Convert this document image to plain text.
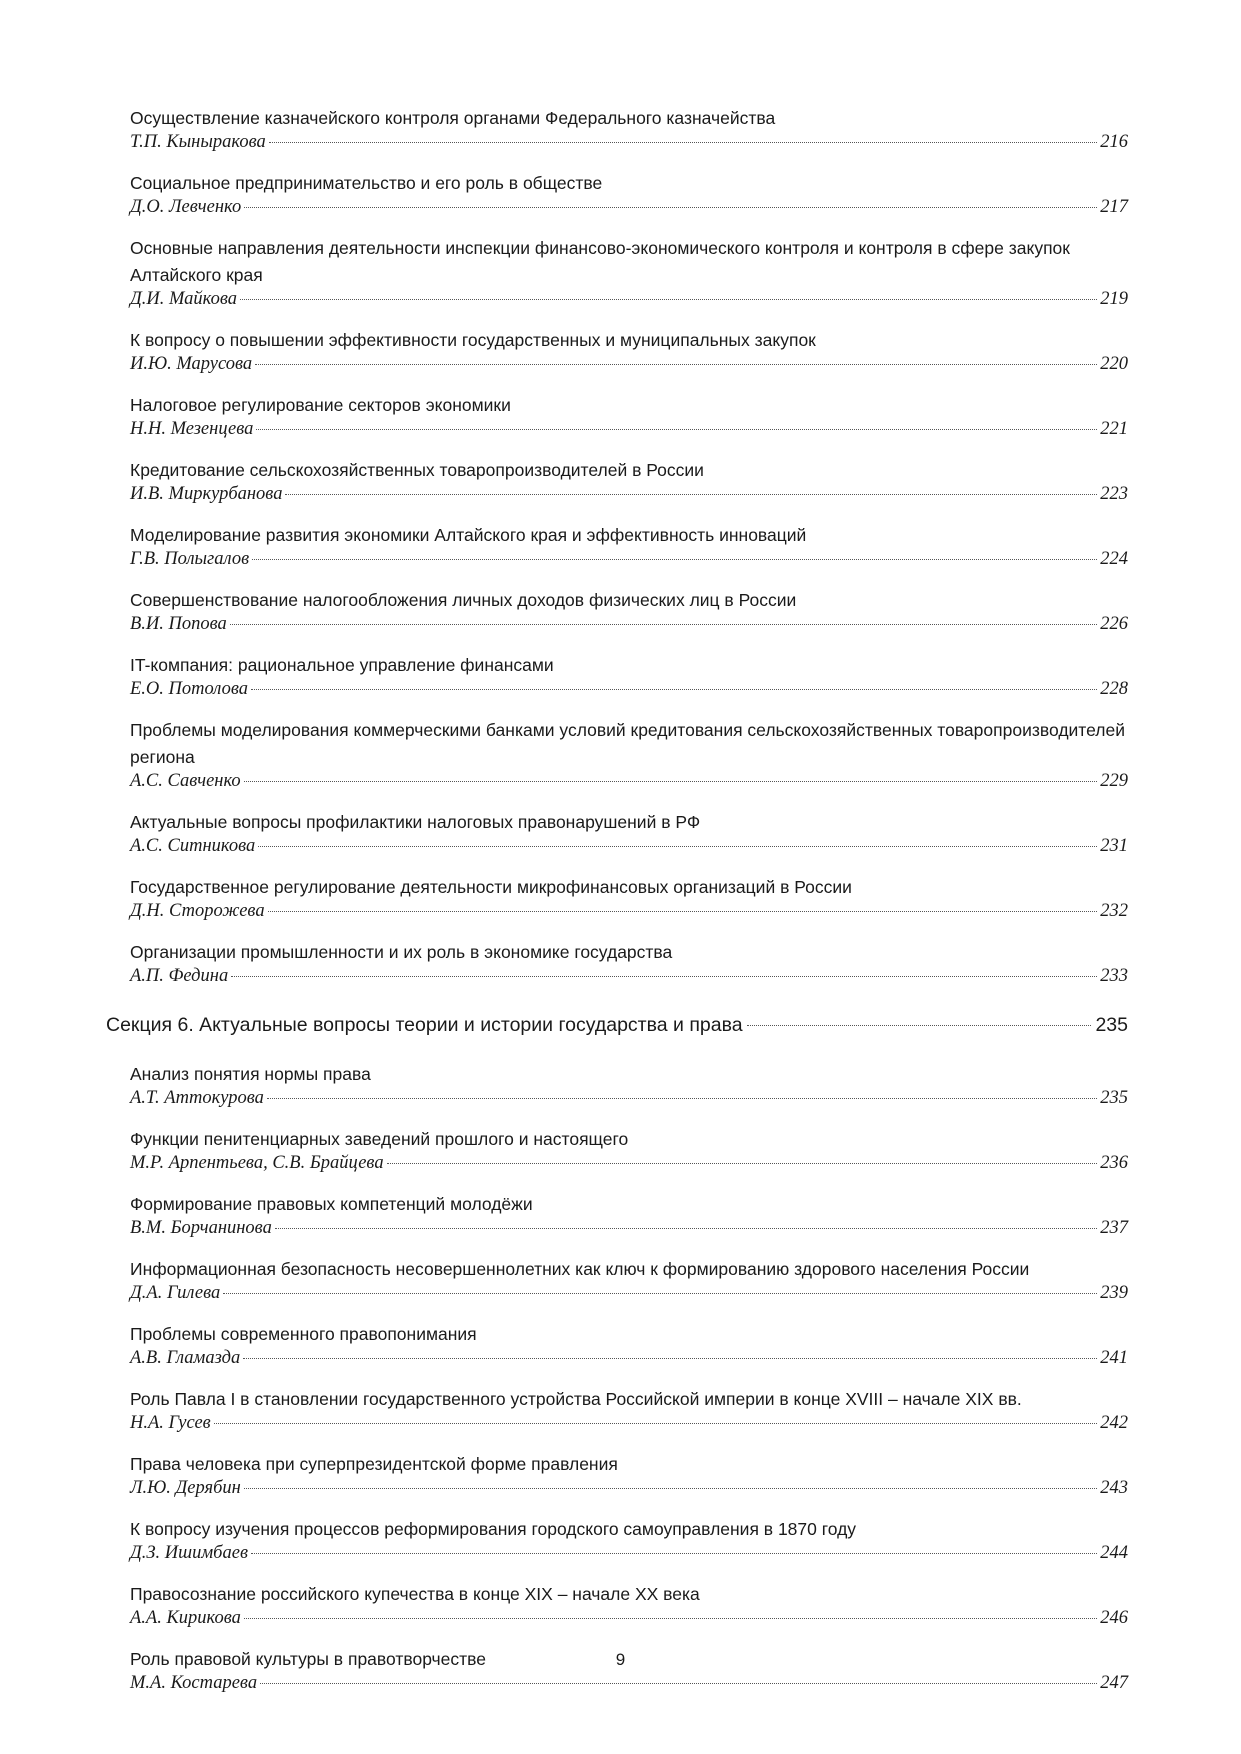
Осуществление казначейского контроля органами Федерального казначейства
Т.П. Кыныракова	216
Социальное предпринимательство и его роль в обществе
Д.О. Левченко	217
Основные направления деятельности инспекции финансово-экономического контроля и контроля в сфере закупок Алтайского края
Д.И. Майкова	219
К вопросу о повышении эффективности государственных и муниципальных закупок
И.Ю. Марусова	220
Налоговое регулирование секторов экономики
Н.Н. Мезенцева	221
Кредитование сельскохозяйственных товаропроизводителей в России
И.В. Миркурбанова	223
Моделирование развития экономики Алтайского края и эффективность инноваций
Г.В. Полыгалов	224
Совершенствование налогообложения личных доходов физических лиц в России
В.И. Попова	226
IT-компания: рациональное управление финансами
Е.О. Потолова	228
Проблемы моделирования коммерческими банками условий кредитования сельскохозяйственных товаропроизводителей региона
А.С. Савченко	229
Актуальные вопросы профилактики налоговых правонарушений в РФ
А.С. Ситникова	231
Государственное регулирование деятельности микрофинансовых организаций в России
Д.Н. Сторожева	232
Организации промышленности и их роль в экономике государства
А.П. Федина	233
Секция 6. Актуальные вопросы теории и истории государства и права	235
Анализ понятия нормы права
А.Т. Аттокурова	235
Функции пенитенциарных заведений прошлого и настоящего
М.Р. Арпентьева, С.В. Брайцева	236
Формирование правовых компетенций молодёжи
В.М. Борчанинова	237
Информационная безопасность несовершеннолетних как ключ к формированию здорового населения России
Д.А. Гилева	239
Проблемы современного правопонимания
А.В. Гламазда	241
Роль Павла I в становлении государственного устройства Российской империи в конце XVIII – начале XIX вв.
Н.А. Гусев	242
Права человека при суперпрезидентской форме правления
Л.Ю. Дерябин	243
К вопросу изучения процессов реформирования городского самоуправления в 1870 году
Д.З. Ишимбаев	244
Правосознание российского купечества в конце XIX – начале XX века
А.А. Кирикова	246
Роль правовой культуры в правотворчестве
М.А. Костарева	247
9
